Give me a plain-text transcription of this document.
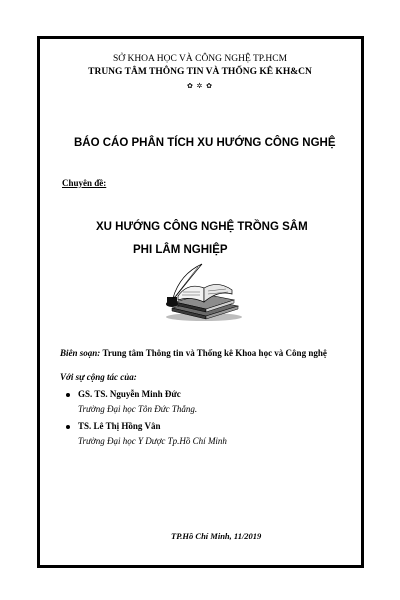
SỞ KHOA HỌC VÀ CÔNG NGHỆ TP.HCM
TRUNG TÂM THÔNG TIN VÀ THỐNG KÊ KH&CN
✿ ✲ ✿
BÁO CÁO PHÂN TÍCH XU HƯỚNG CÔNG NGHỆ
Chuyên đề:
XU HƯỚNG CÔNG NGHỆ TRỒNG SÂM
PHI LÂM NGHIỆP
Biên soạn: Trung tâm Thông tin và Thống kê Khoa học và Công nghệ
Với sự cộng tác của:
GS. TS. Nguyễn Minh Đức
Trường Đại học Tôn Đức Thắng.
TS. Lê Thị Hồng Vân
Trường Đại học Y Dược Tp.Hồ Chí Minh
TP.Hồ Chí Minh, 11/2019
